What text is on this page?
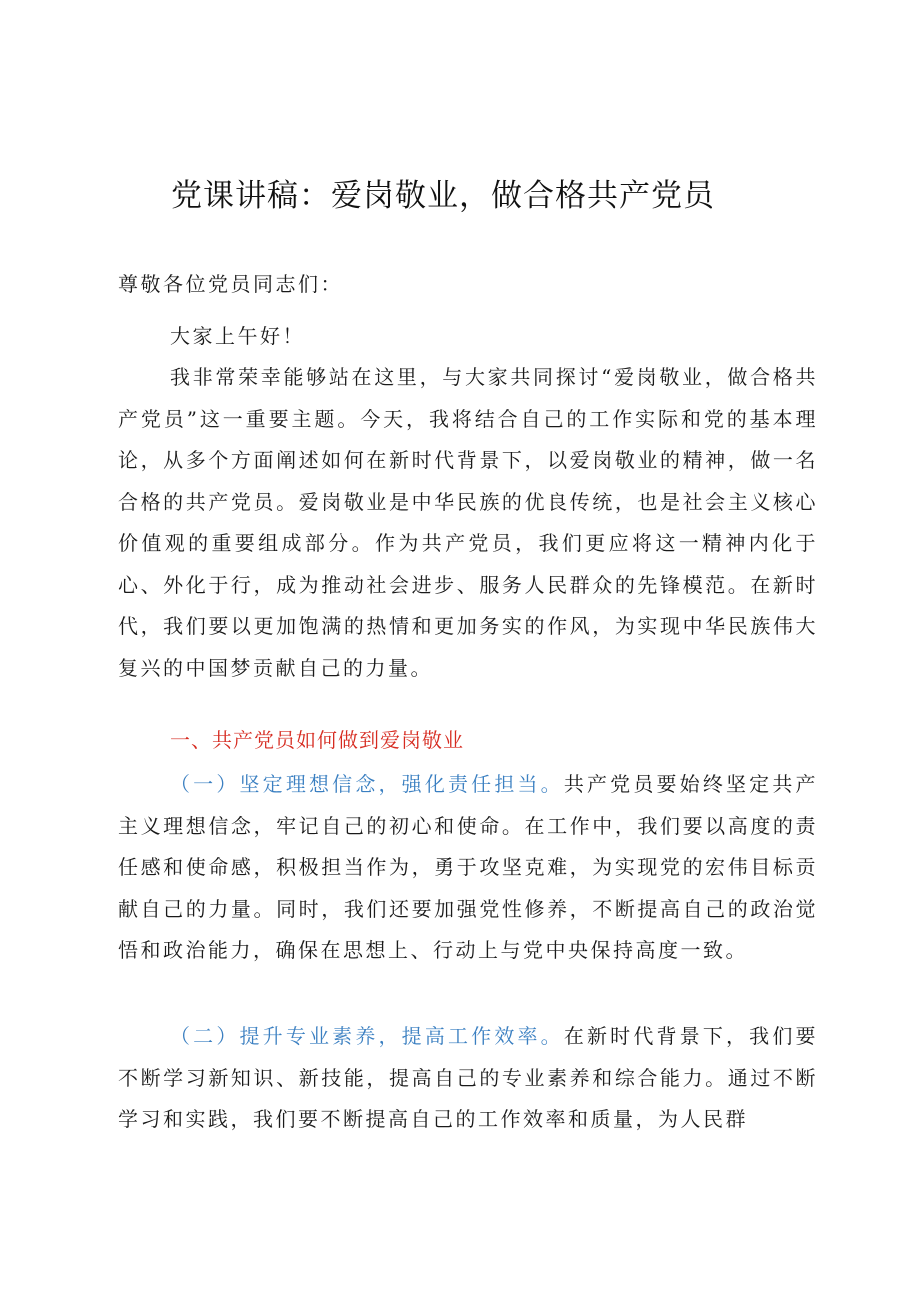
党课讲稿：爱岗敬业，做合格共产党员

尊敬各位党员同志们：

大家上午好！

我非常荣幸能够站在这里，与大家共同探讨“爱岗敬业，做合格共产党员”这一重要主题。今天，我将结合自己的工作实际和党的基本理论，从多个方面阐述如何在新时代背景下，以爱岗敬业的精神，做一名合格的共产党员。爱岗敬业是中华民族的优良传统，也是社会主义核心价值观的重要组成部分。作为共产党员，我们更应将这一精神内化于心、外化于行，成为推动社会进步、服务人民群众的先锋模范。在新时代，我们要以更加饱满的热情和更加务实的作风，为实现中华民族伟大复兴的中国梦贡献自己的力量。

一、共产党员如何做到爱岗敬业

（一）坚定理想信念，强化责任担当。共产党员要始终坚定共产主义理想信念，牢记自己的初心和使命。在工作中，我们要以高度的责任感和使命感，积极担当作为，勇于攻坚克难，为实现党的宏伟目标贡献自己的力量。同时，我们还要加强党性修养，不断提高自己的政治觉悟和政治能力，确保在思想上、行动上与党中央保持高度一致。

（二）提升专业素养，提高工作效率。在新时代背景下，我们要不断学习新知识、新技能，提高自己的专业素养和综合能力。通过不断学习和实践，我们要不断提高自己的工作效率和质量，为人民群
